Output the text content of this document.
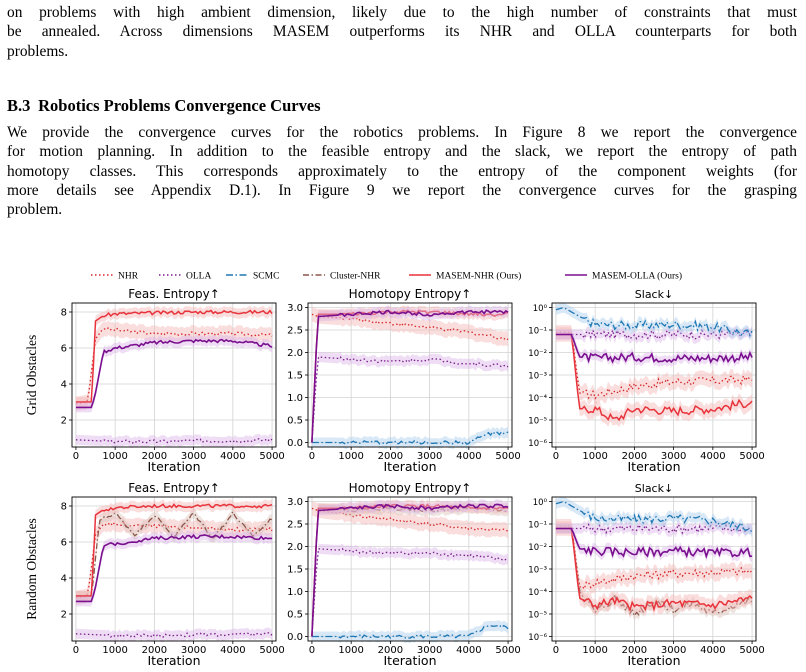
on problems with high ambient dimension, likely due to the high number of constraints that must
be annealed. Across dimensions MASEM outperforms its NHR and OLLA counterparts for both
problems.

B.3 Robotics Problems Convergence Curves

We provide the convergence curves for the robotics problems. In Figure 8 we report the convergence
for motion planning. In addition to the feasible entropy and the slack, we report the entropy of path
homotopy classes. This corresponds approximately to the entropy of the component weights (for
more details see Appendix D.1). In Figure 9 we report the convergence curves for the grasping
problem.

NHR	OLLA	SCMC	Cluster-NHR	MASEM-NHR (Ours)	MASEM-OLLA (Ours)
Grid Obstacles
Random Obstacles
0 1000 2000 3000 4000 5000
2
4
6
8
Feas. Entropy↑
Iteration
0 1000 2000 3000 4000 5000
0.0
0.5
1.0
1.5
2.0
2.5
3.0
Homotopy Entropy↑
Iteration
0 1000 2000 3000 4000 5000
10⁰
10⁻¹
10⁻²
10⁻³
10⁻⁴
10⁻⁵
10⁻⁶
Slack↓
Iteration
0 1000 2000 3000 4000 5000
2
4
6
8
Feas. Entropy↑
Iteration
0 1000 2000 3000 4000 5000
0.0
0.5
1.0
1.5
2.0
2.5
3.0
Homotopy Entropy↑
Iteration
0 1000 2000 3000 4000 5000
10⁰
10⁻¹
10⁻²
10⁻³
10⁻⁴
10⁻⁵
10⁻⁶
Slack↓
Iteration
